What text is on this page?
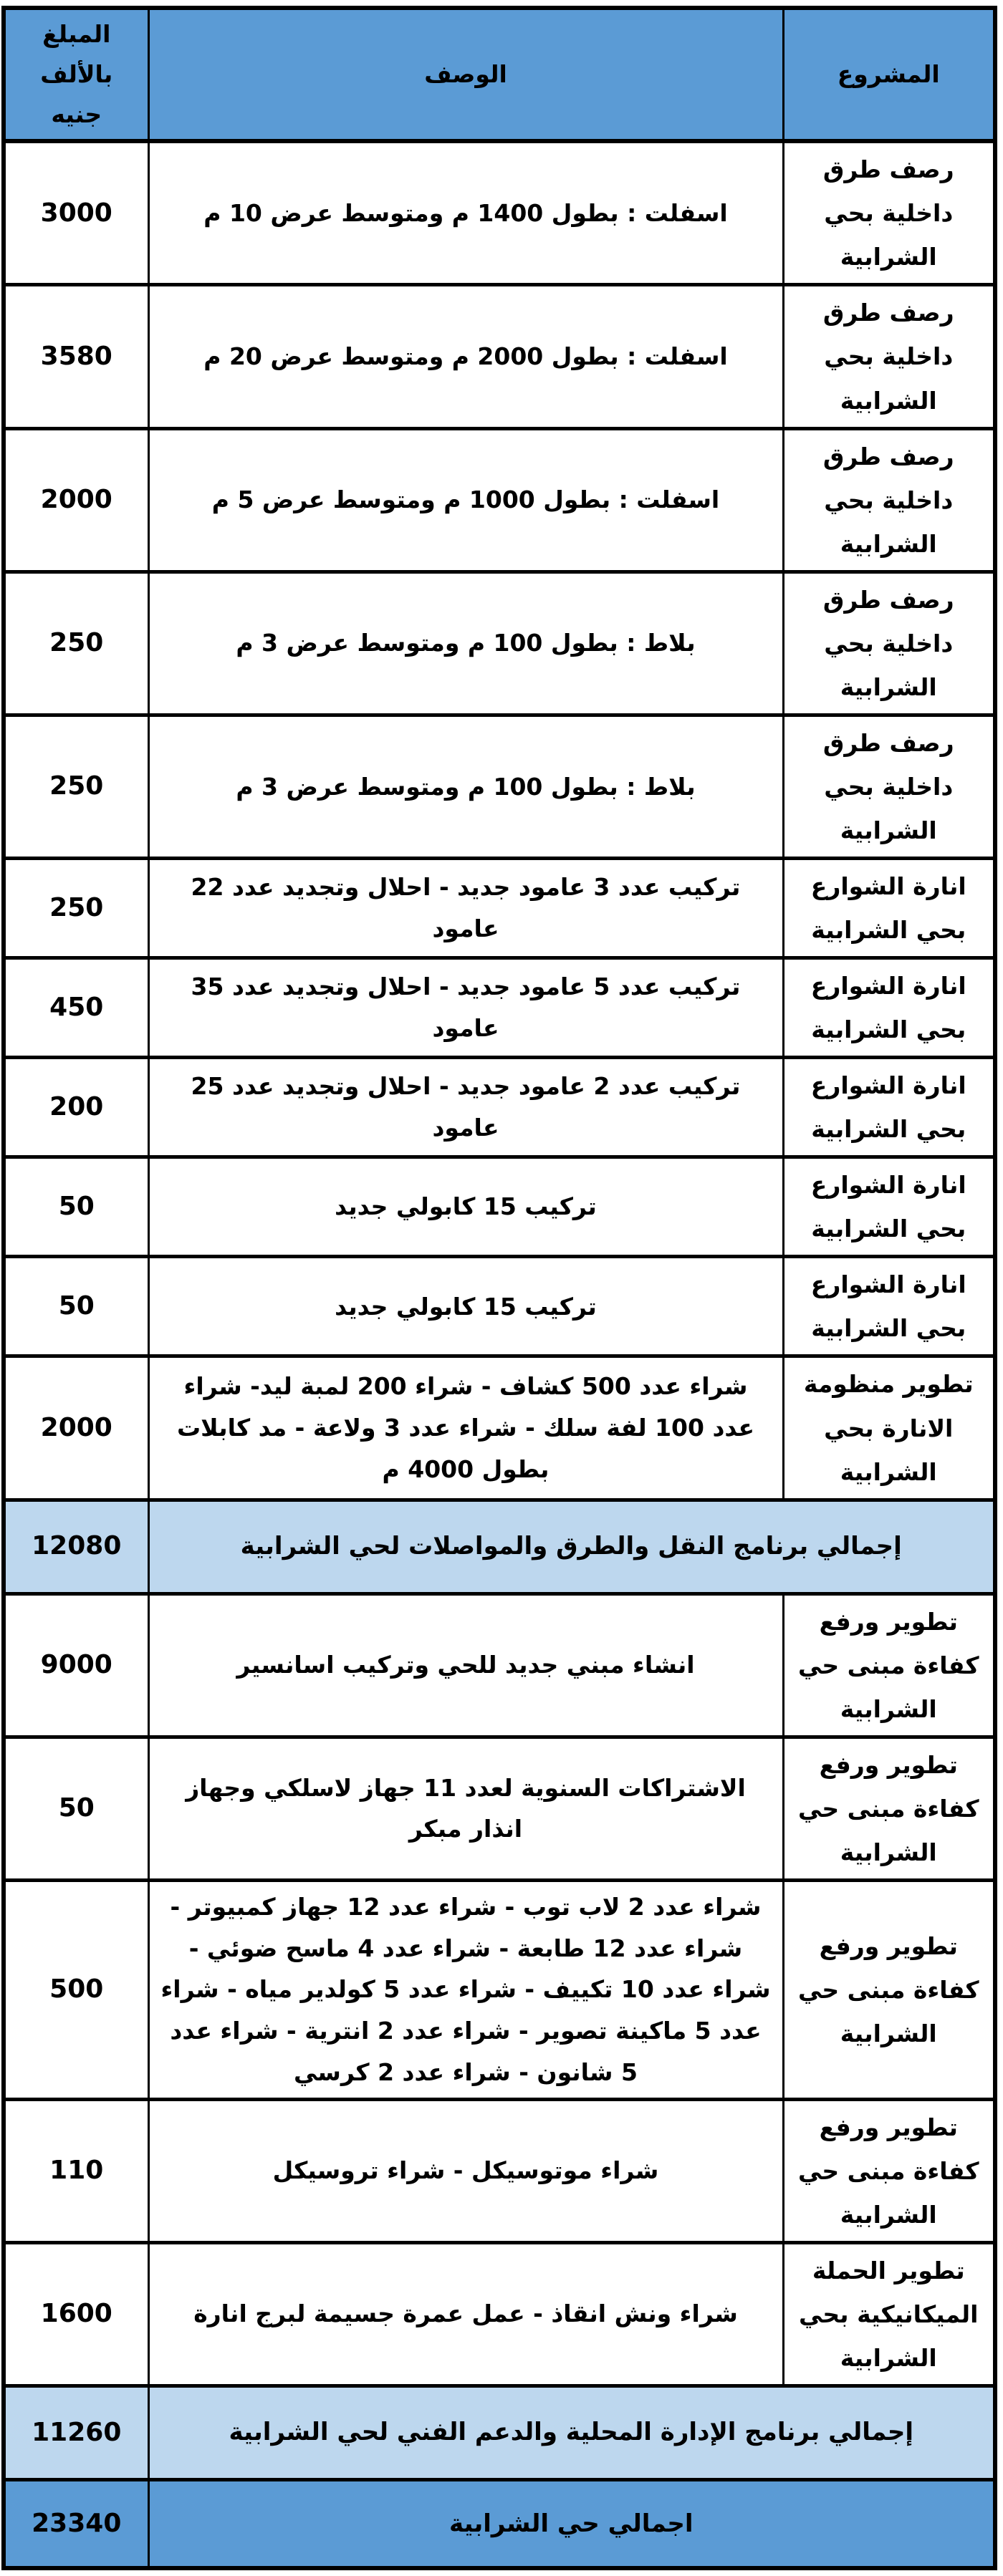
المشروع	الوصف	المبلغ بالألف جنيه
رصف طرق داخلية بحي الشرابية	اسفلت : بطول 1400 م ومتوسط عرض 10 م	3000
رصف طرق داخلية بحي الشرابية	اسفلت : بطول 2000 م ومتوسط عرض 20 م	3580
رصف طرق داخلية بحي الشرابية	اسفلت : بطول 1000 م ومتوسط عرض 5 م	2000
رصف طرق داخلية بحي الشرابية	بلاط : بطول 100 م ومتوسط عرض 3 م	250
رصف طرق داخلية بحي الشرابية	بلاط : بطول 100 م ومتوسط عرض 3 م	250
انارة الشوارع بحي الشرابية	تركيب عدد 3 عامود جديد - احلال وتجديد عدد 22 عامود	250
انارة الشوارع بحي الشرابية	تركيب عدد 5 عامود جديد - احلال وتجديد عدد 35 عامود	450
انارة الشوارع بحي الشرابية	تركيب عدد 2 عامود جديد - احلال وتجديد عدد 25 عامود	200
انارة الشوارع بحي الشرابية	تركيب 15 كابولي جديد	50
انارة الشوارع بحي الشرابية	تركيب 15 كابولي جديد	50
تطوير منظومة الانارة بحي الشرابية	شراء عدد 500 كشاف - شراء 200 لمبة ليد- شراء عدد 100 لفة سلك - شراء عدد 3 ولاعة - مد كابلات بطول 4000 م	2000
إجمالي برنامج النقل والطرق والمواصلات لحي الشرابية		12080
تطوير ورفع كفاءة مبنى حي الشرابية	انشاء مبني جديد للحي وتركيب اسانسير	9000
تطوير ورفع كفاءة مبنى حي الشرابية	الاشتراكات السنوية لعدد 11 جهاز لاسلكي وجهاز انذار مبكر	50
تطوير ورفع كفاءة مبنى حي الشرابية	شراء عدد 2 لاب توب - شراء عدد 12 جهاز كمبيوتر - شراء عدد 12 طابعة - شراء عدد 4 ماسح ضوئي - شراء عدد 10 تكييف - شراء عدد 5 كولدير مياه - شراء عدد 5 ماكينة تصوير - شراء عدد 2 انترية - شراء عدد 5 شانون - شراء عدد 2 كرسي	500
تطوير ورفع كفاءة مبنى حي الشرابية	شراء موتوسيكل - شراء تروسيكل	110
تطوير الحملة الميكانيكية بحي الشرابية	شراء ونش انقاذ - عمل عمرة جسيمة لبرج انارة	1600
إجمالي برنامج الإدارة المحلية والدعم الفني لحي الشرابية		11260
اجمالي حي الشرابية		23340
